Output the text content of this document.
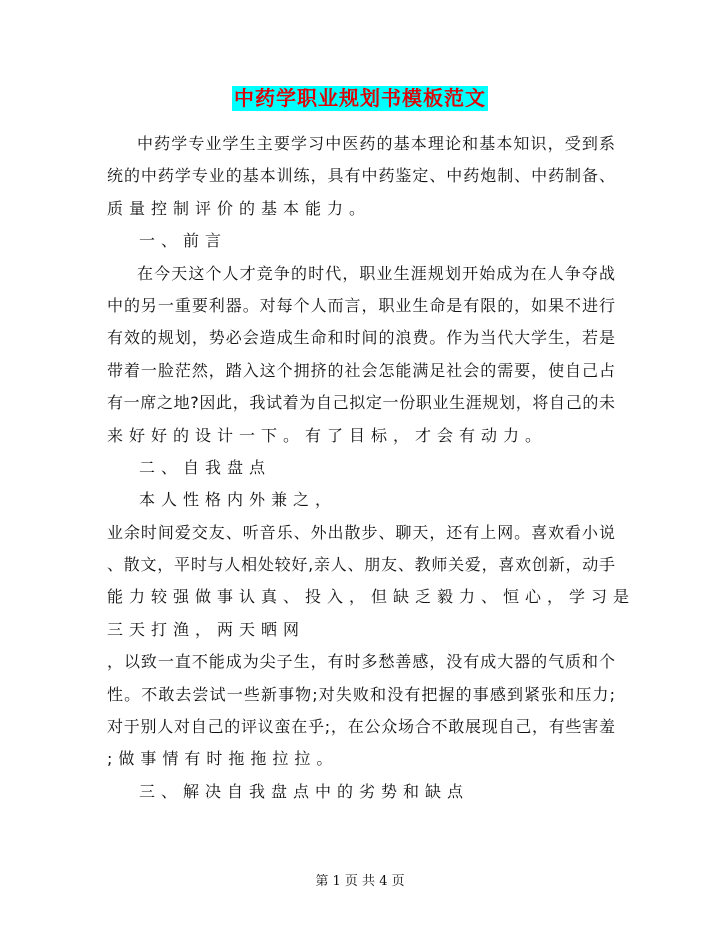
中药学职业规划书模板范文
中药学专业学生主要学习中医药的基本理论和基本知识，受到系
统的中药学专业的基本训练，具有中药鉴定、中药炮制、中药制备、
质量控制评价的基本能力。
一、前言
在今天这个人才竞争的时代，职业生涯规划开始成为在人争夺战
中的另一重要利器。对每个人而言，职业生命是有限的，如果不进行
有效的规划，势必会造成生命和时间的浪费。作为当代大学生，若是
带着一脸茫然，踏入这个拥挤的社会怎能满足社会的需要，使自己占
有一席之地?因此，我试着为自己拟定一份职业生涯规划，将自己的未
来好好的设计一下。有了目标，才会有动力。
二、自我盘点
本人性格内外兼之，
业余时间爱交友、听音乐、外出散步、聊天，还有上网。喜欢看小说
、散文，平时与人相处较好,亲人、朋友、教师关爱，喜欢创新，动手
能力较强做事认真、投入，但缺乏毅力、恒心，学习是
三天打渔，两天晒网
，以致一直不能成为尖子生，有时多愁善感，没有成大器的气质和个
性。不敢去尝试一些新事物;对失败和没有把握的事感到紧张和压力;
对于别人对自己的评议蛮在乎;，在公众场合不敢展现自己，有些害羞
;做事情有时拖拖拉拉。
三、解决自我盘点中的劣势和缺点
第 1 页 共 4 页
